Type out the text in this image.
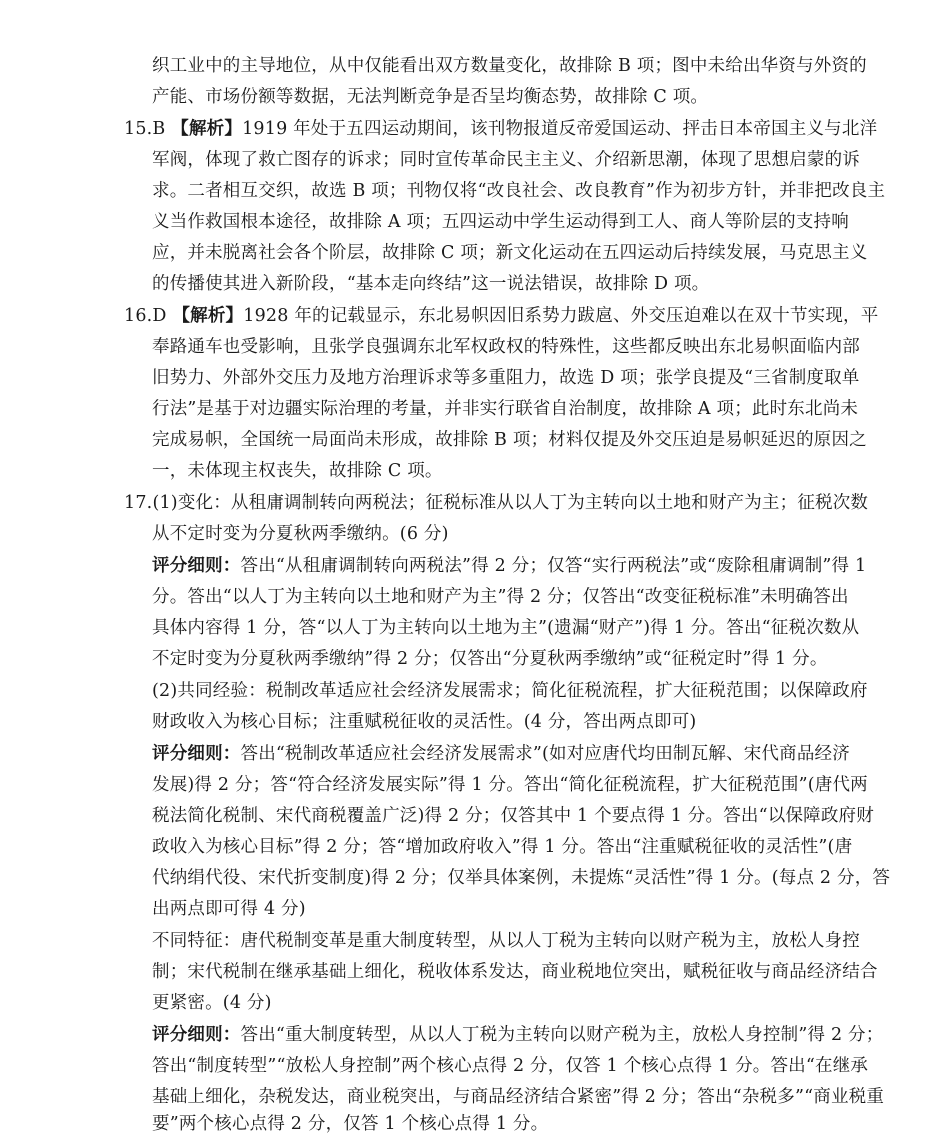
织工业中的主导地位，从中仅能看出双方数量变化，故排除 B 项；图中未给出华资与外资的
产能、市场份额等数据，无法判断竞争是否呈均衡态势，故排除 C 项。
15.B 【解析】1919 年处于五四运动期间，该刊物报道反帝爱国运动、抨击日本帝国主义与北洋
军阀，体现了救亡图存的诉求；同时宣传革命民主主义、介绍新思潮，体现了思想启蒙的诉
求。二者相互交织，故选 B 项；刊物仅将“改良社会、改良教育”作为初步方针，并非把改良主
义当作救国根本途径，故排除 A 项；五四运动中学生运动得到工人、商人等阶层的支持响
应，并未脱离社会各个阶层，故排除 C 项；新文化运动在五四运动后持续发展，马克思主义
的传播使其进入新阶段，“基本走向终结”这一说法错误，故排除 D 项。
16.D 【解析】1928 年的记载显示，东北易帜因旧系势力跋扈、外交压迫难以在双十节实现，平
奉路通车也受影响，且张学良强调东北军权政权的特殊性，这些都反映出东北易帜面临内部
旧势力、外部外交压力及地方治理诉求等多重阻力，故选 D 项；张学良提及“三省制度取单
行法”是基于对边疆实际治理的考量，并非实行联省自治制度，故排除 A 项；此时东北尚未
完成易帜，全国统一局面尚未形成，故排除 B 项；材料仅提及外交压迫是易帜延迟的原因之
一，未体现主权丧失，故排除 C 项。
17.(1)变化：从租庸调制转向两税法；征税标准从以人丁为主转向以土地和财产为主；征税次数
从不定时变为分夏秋两季缴纳。(6 分)
评分细则：答出“从租庸调制转向两税法”得 2 分；仅答“实行两税法”或“废除租庸调制”得 1
分。答出“以人丁为主转向以土地和财产为主”得 2 分；仅答出“改变征税标准”未明确答出
具体内容得 1 分，答“以人丁为主转向以土地为主”(遗漏“财产”)得 1 分。答出“征税次数从
不定时变为分夏秋两季缴纳”得 2 分；仅答出“分夏秋两季缴纳”或“征税定时”得 1 分。
(2)共同经验：税制改革适应社会经济发展需求；简化征税流程，扩大征税范围；以保障政府
财政收入为核心目标；注重赋税征收的灵活性。(4 分，答出两点即可)
评分细则：答出“税制改革适应社会经济发展需求”(如对应唐代均田制瓦解、宋代商品经济
发展)得 2 分；答“符合经济发展实际”得 1 分。答出“简化征税流程，扩大征税范围”(唐代两
税法简化税制、宋代商税覆盖广泛)得 2 分；仅答其中 1 个要点得 1 分。答出“以保障政府财
政收入为核心目标”得 2 分；答“增加政府收入”得 1 分。答出“注重赋税征收的灵活性”(唐
代纳绢代役、宋代折变制度)得 2 分；仅举具体案例，未提炼“灵活性”得 1 分。(每点 2 分，答
出两点即可得 4 分)
不同特征：唐代税制变革是重大制度转型，从以人丁税为主转向以财产税为主，放松人身控
制；宋代税制在继承基础上细化，税收体系发达，商业税地位突出，赋税征收与商品经济结合
更紧密。(4 分)
评分细则：答出“重大制度转型，从以人丁税为主转向以财产税为主，放松人身控制”得 2 分；
答出“制度转型”“放松人身控制”两个核心点得 2 分，仅答 1 个核心点得 1 分。答出“在继承
基础上细化，杂税发达，商业税突出，与商品经济结合紧密”得 2 分；答出“杂税多”“商业税重
要”两个核心点得 2 分，仅答 1 个核心点得 1 分。
